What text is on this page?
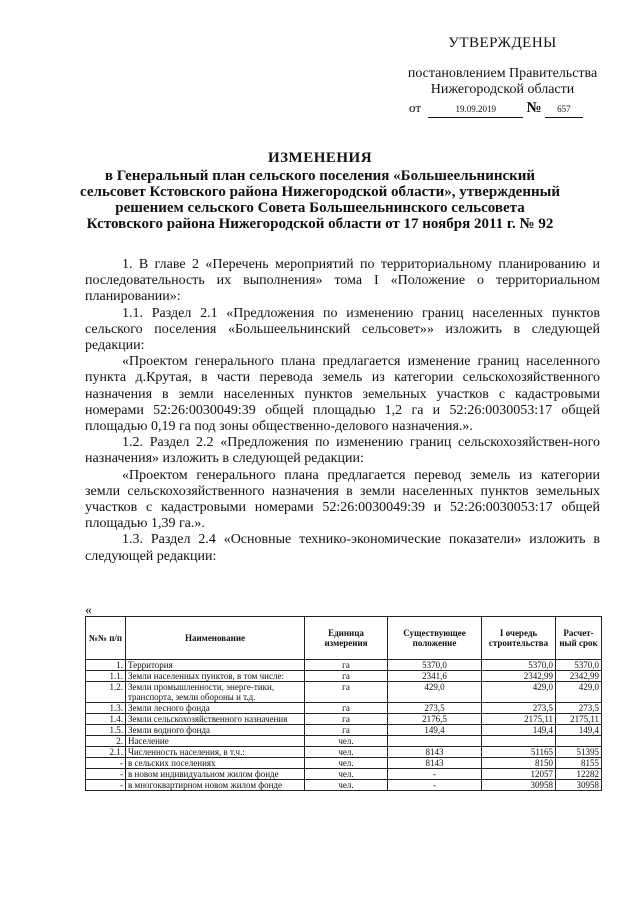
УТВЕРЖДЕНЫ
постановлением Правительства
Нижегородской области
от	19.09.2019 № 657
ИЗМЕНЕНИЯ
в Генеральный план сельского поселения «Большеельнинский сельсовет Кстовского района Нижегородской области», утвержденный решением сельского Совета Большеельнинского сельсовета Кстовского района Нижегородской области от 17 ноября 2011 г. № 92

1. В главе 2 «Перечень мероприятий по территориальному планированию и последовательность их выполнения» тома I «Положение о территориальном планировании»:

1.1. Раздел 2.1 «Предложения по изменению границ населенных пунктов сельского поселения «Большеельнинский сельсовет»» изложить в следующей редакции:

«Проектом генерального плана предлагается изменение границ населенного пункта д.Крутая, в части перевода земель из категории сельскохозяйственного назначения в земли населенных пунктов земельных участков с кадастровыми номерами 52:26:0030049:39 общей площадью 1,2 га и 52:26:0030053:17 общей площадью 0,19 га под зоны общественно-делового назначения.».

1.2. Раздел 2.2 «Предложения по изменению границ сельскохозяйствен-ного назначения» изложить в следующей редакции:

«Проектом генерального плана предлагается перевод земель из категории земли сельскохозяйственного назначения в земли населенных пунктов земельных участков с кадастровыми номерами 52:26:0030049:39 и 52:26:0030053:17 общей площадью 1,39 га.».

1.3. Раздел 2.4 «Основные технико-экономические показатели» изложить в следующей редакции:

«
№№ п/п	Наименование	Единица измерения	Существующее положение	I очередь строительства	Расчет-ный срок
1.	Территория	га	5370,0	5370,0	5370,0
1.1.	Земли населенных пунктов, в том числе:	га	2341,6	2342,99	2342,99
1.2.	Земли промышленности, энерге-тики, транспорта, земли обороны и т.д.	га	429,0	429,0	429,0
1.3.	Земли лесного фонда	га	273,5	273,5	273,5
1.4.	Земли сельскохозяйственного назначения	га	2176,5	2175,11	2175,11
1.5.	Земли водного фонда	га	149,4	149,4	149,4
2.	Население	чел.			
2.1.	Численность населения, в т.ч.:	чел.	8143	51165	51395
-	в сельских поселениях	чел.	8143	8150	8155
-	в новом индивидуальном жилом фонде	чел.	-	12057	12282
-	в многоквартирном новом жилом фонде	чел.	-	30958	30958
